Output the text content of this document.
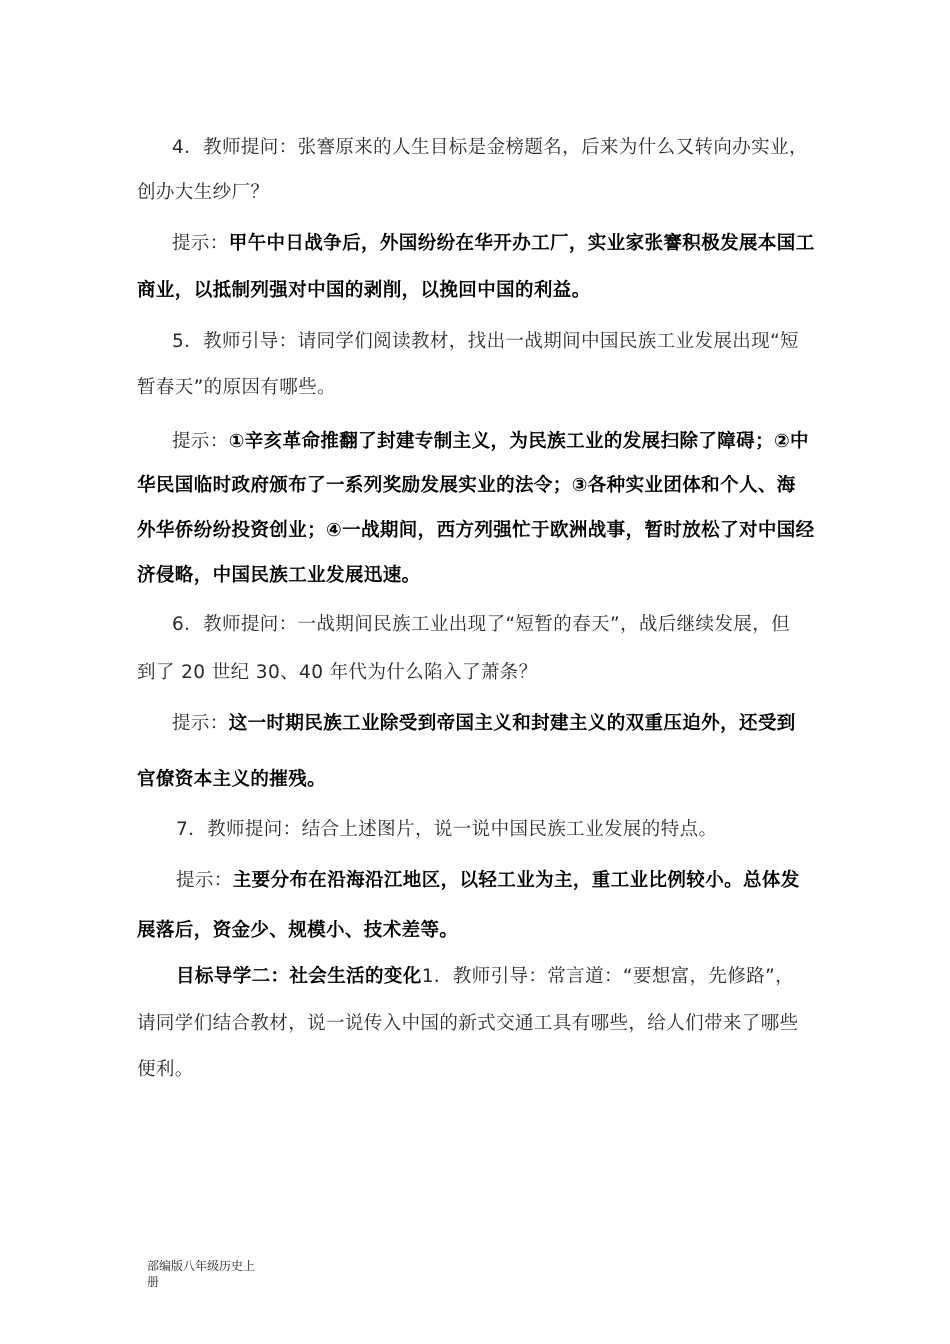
4．教师提问：张謇原来的人生目标是金榜题名，后来为什么又转向办实业，
创办大生纱厂？
提示：甲午中日战争后，外国纷纷在华开办工厂，实业家张謇积极发展本国工
商业，以抵制列强对中国的剥削，以挽回中国的利益。
5．教师引导：请同学们阅读教材，找出一战期间中国民族工业发展出现“短
暂春天”的原因有哪些。
提示：①辛亥革命推翻了封建专制主义，为民族工业的发展扫除了障碍；②中
华民国临时政府颁布了一系列奖励发展实业的法令；③各种实业团体和个人、海
外华侨纷纷投资创业；④一战期间，西方列强忙于欧洲战事，暂时放松了对中国经
济侵略，中国民族工业发展迅速。
6．教师提问：一战期间民族工业出现了“短暂的春天”，战后继续发展，但
到了 20 世纪 30、40 年代为什么陷入了萧条？
提示：这一时期民族工业除受到帝国主义和封建主义的双重压迫外，还受到
官僚资本主义的摧残。
7．教师提问：结合上述图片，说一说中国民族工业发展的特点。
提示：主要分布在沿海沿江地区，以轻工业为主，重工业比例较小。总体发
展落后，资金少、规模小、技术差等。
目标导学二：社会生活的变化1．教师引导：常言道：“要想富，先修路”，
请同学们结合教材，说一说传入中国的新式交通工具有哪些，给人们带来了哪些
便利。
部编版八年级历史上
册
